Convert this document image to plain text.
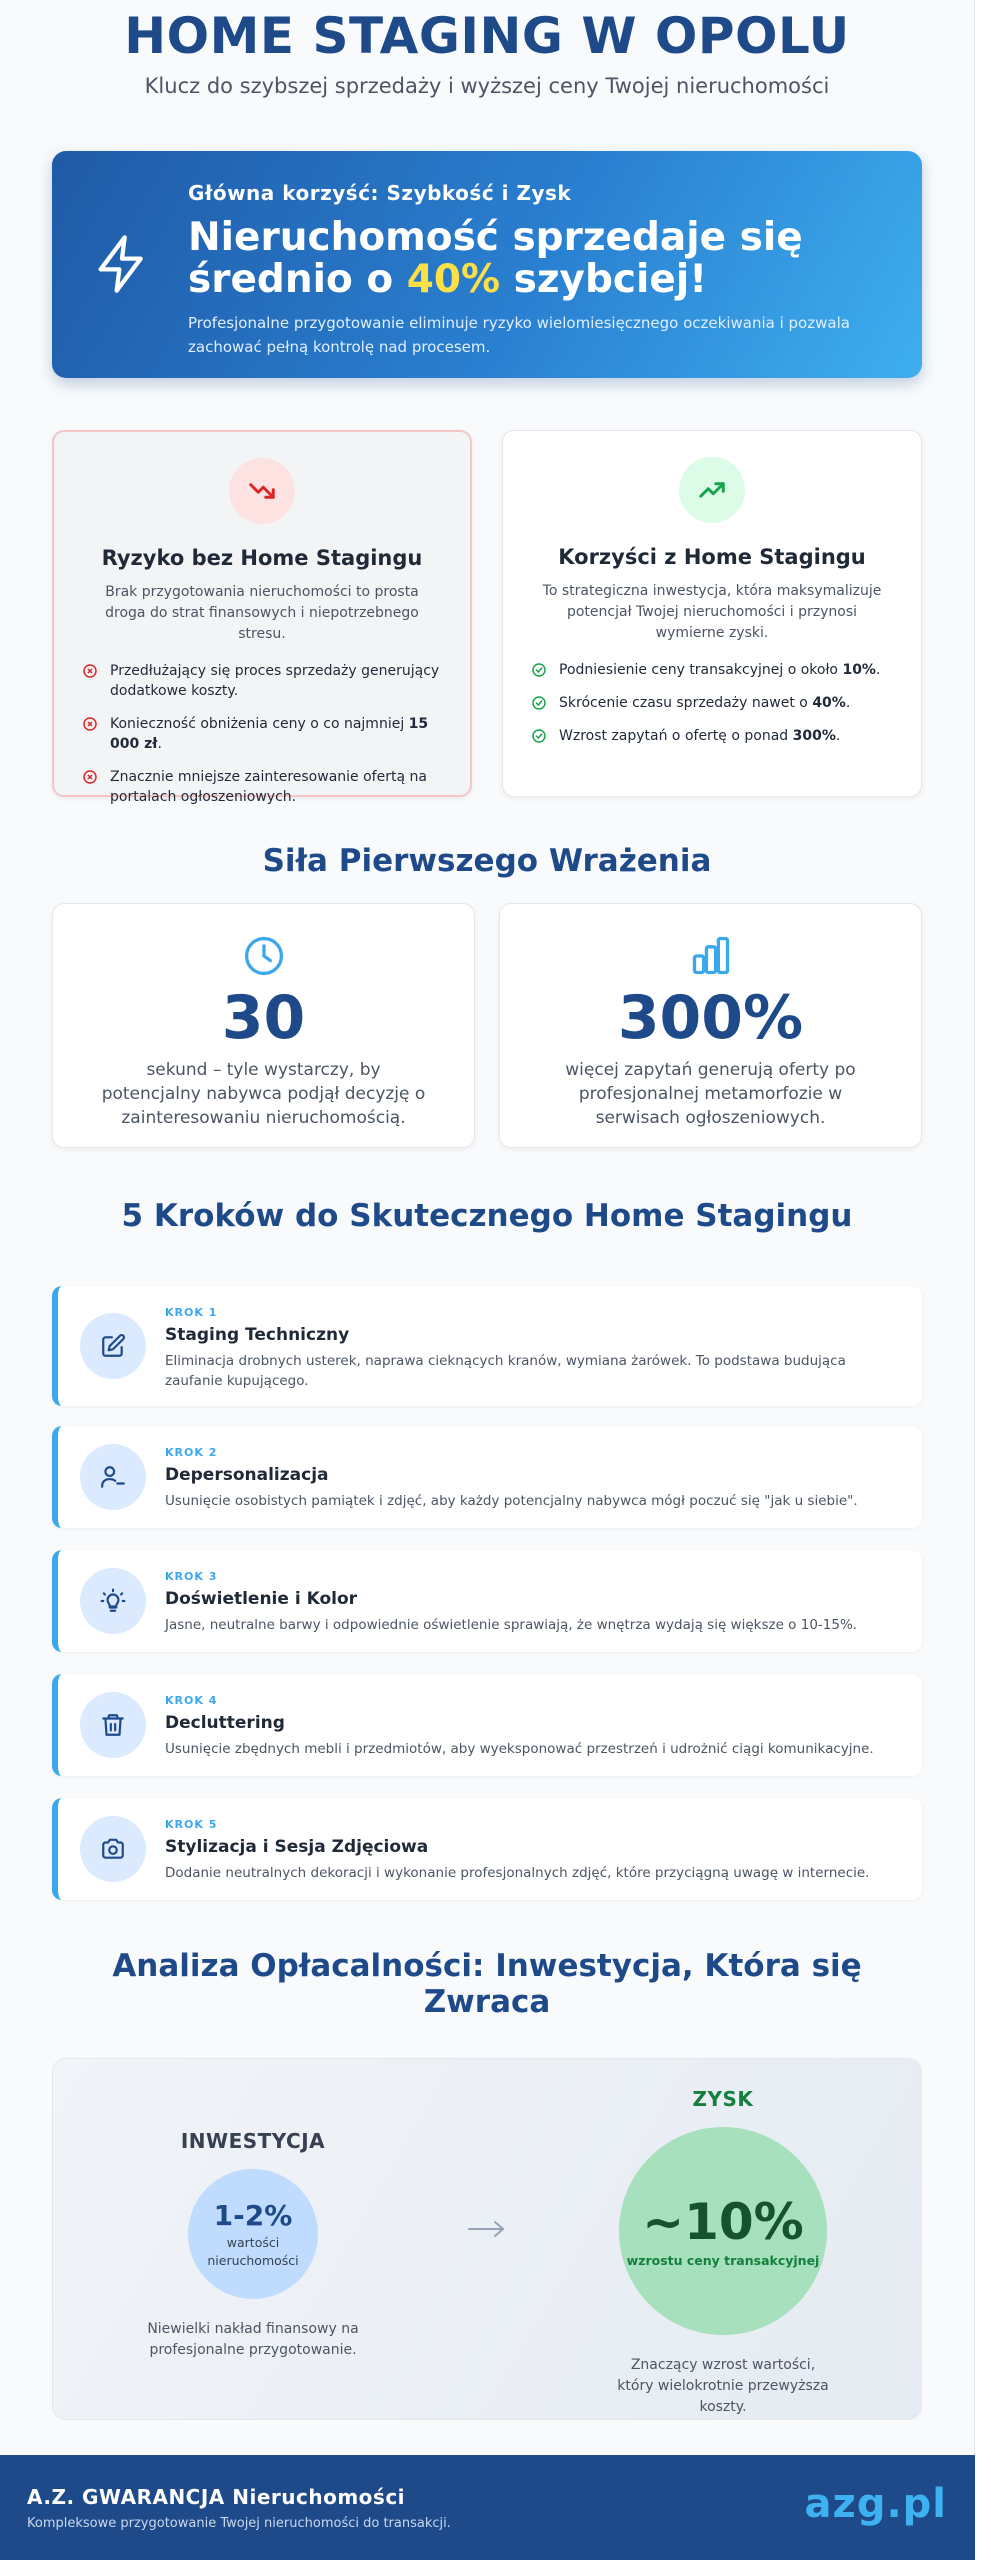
HOME STAGING W OPOLU

Klucz do szybszej sprzedaży i wyższej ceny Twojej nieruchomości

Główna korzyść: Szybkość i Zysk
Nieruchomość sprzedaje się
średnio o 40% szybciej!
Profesjonalne przygotowanie eliminuje ryzyko wielomiesięcznego oczekiwania i pozwala zachować pełną kontrolę nad procesem.
Ryzyko bez Home Stagingu

Brak przygotowania nieruchomości to prosta droga do strat finansowych i niepotrzebnego stresu.

Przedłużający się proces sprzedaży generujący dodatkowe koszty.
Konieczność obniżenia ceny o co najmniej 15 000 zł.
Znacznie mniejsze zainteresowanie ofertą na portalach ogłoszeniowych.
Korzyści z Home Stagingu

To strategiczna inwestycja, która maksymalizuje potencjał Twojej nieruchomości i przynosi wymierne zyski.

Podniesienie ceny transakcyjnej o około 10%.
Skrócenie czasu sprzedaży nawet o 40%.
Wzrost zapytań o ofertę o ponad 300%.
Siła Pierwszego Wrażenia
30
sekund – tyle wystarczy, by potencjalny nabywca podjął decyzję o zainteresowaniu nieruchomością.
300%
więcej zapytań generują oferty po profesjonalnej metamorfozie w serwisach ogłoszeniowych.
5 Kroków do Skutecznego Home Stagingu
KROK 1
Staging Techniczny
Eliminacja drobnych usterek, naprawa cieknących kranów, wymiana żarówek. To podstawa budująca zaufanie kupującego.
KROK 2
Depersonalizacja
Usunięcie osobistych pamiątek i zdjęć, aby każdy potencjalny nabywca mógł poczuć się "jak u siebie".
KROK 3
Doświetlenie i Kolor
Jasne, neutralne barwy i odpowiednie oświetlenie sprawiają, że wnętrza wydają się większe o 10-15%.
KROK 4
Decluttering
Usunięcie zbędnych mebli i przedmiotów, aby wyeksponować przestrzeń i udrożnić ciągi komunikacyjne.
KROK 5
Stylizacja i Sesja Zdjęciowa
Dodanie neutralnych dekoracji i wykonanie profesjonalnych zdjęć, które przyciągną uwagę w internecie.
Analiza Opłacalności: Inwestycja, Która się Zwraca
INWESTYCJA
1-2%
wartości nieruchomości
Niewielki nakład finansowy na profesjonalne przygotowanie.
ZYSK
~10%
wzrostu ceny transakcyjnej
Znaczący wzrost wartości, który wielokrotnie przewyższa koszty.
A.Z. GWARANCJA Nieruchomości
Kompleksowe przygotowanie Twojej nieruchomości do transakcji.	azg.pl
